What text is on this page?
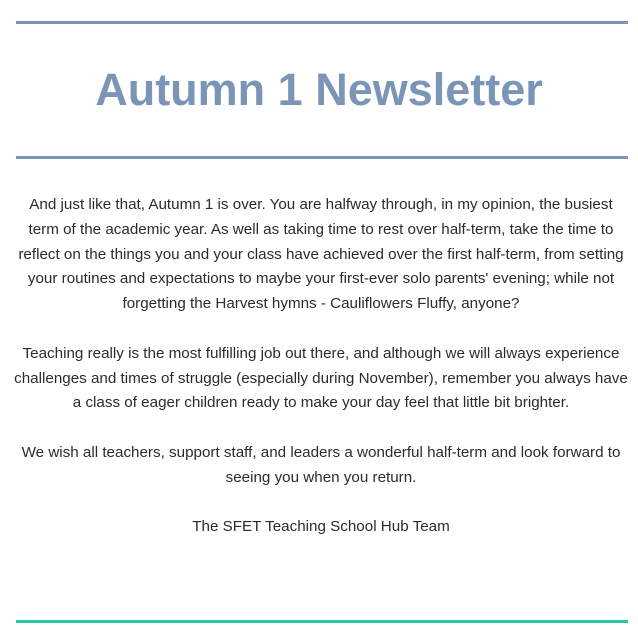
Autumn 1 Newsletter

And just like that, Autumn 1 is over. You are halfway through, in my opinion, the busiest term of the academic year. As well as taking time to rest over half-term, take the time to reflect on the things you and your class have achieved over the first half-term, from setting your routines and expectations to maybe your first-ever solo parents' evening; while not forgetting the Harvest hymns - Cauliflowers Fluffy, anyone?

Teaching really is the most fulfilling job out there, and although we will always experience challenges and times of struggle (especially during November), remember you always have a class of eager children ready to make your day feel that little bit brighter.

We wish all teachers, support staff, and leaders a wonderful half-term and look forward to seeing you when you return.

The SFET Teaching School Hub Team
